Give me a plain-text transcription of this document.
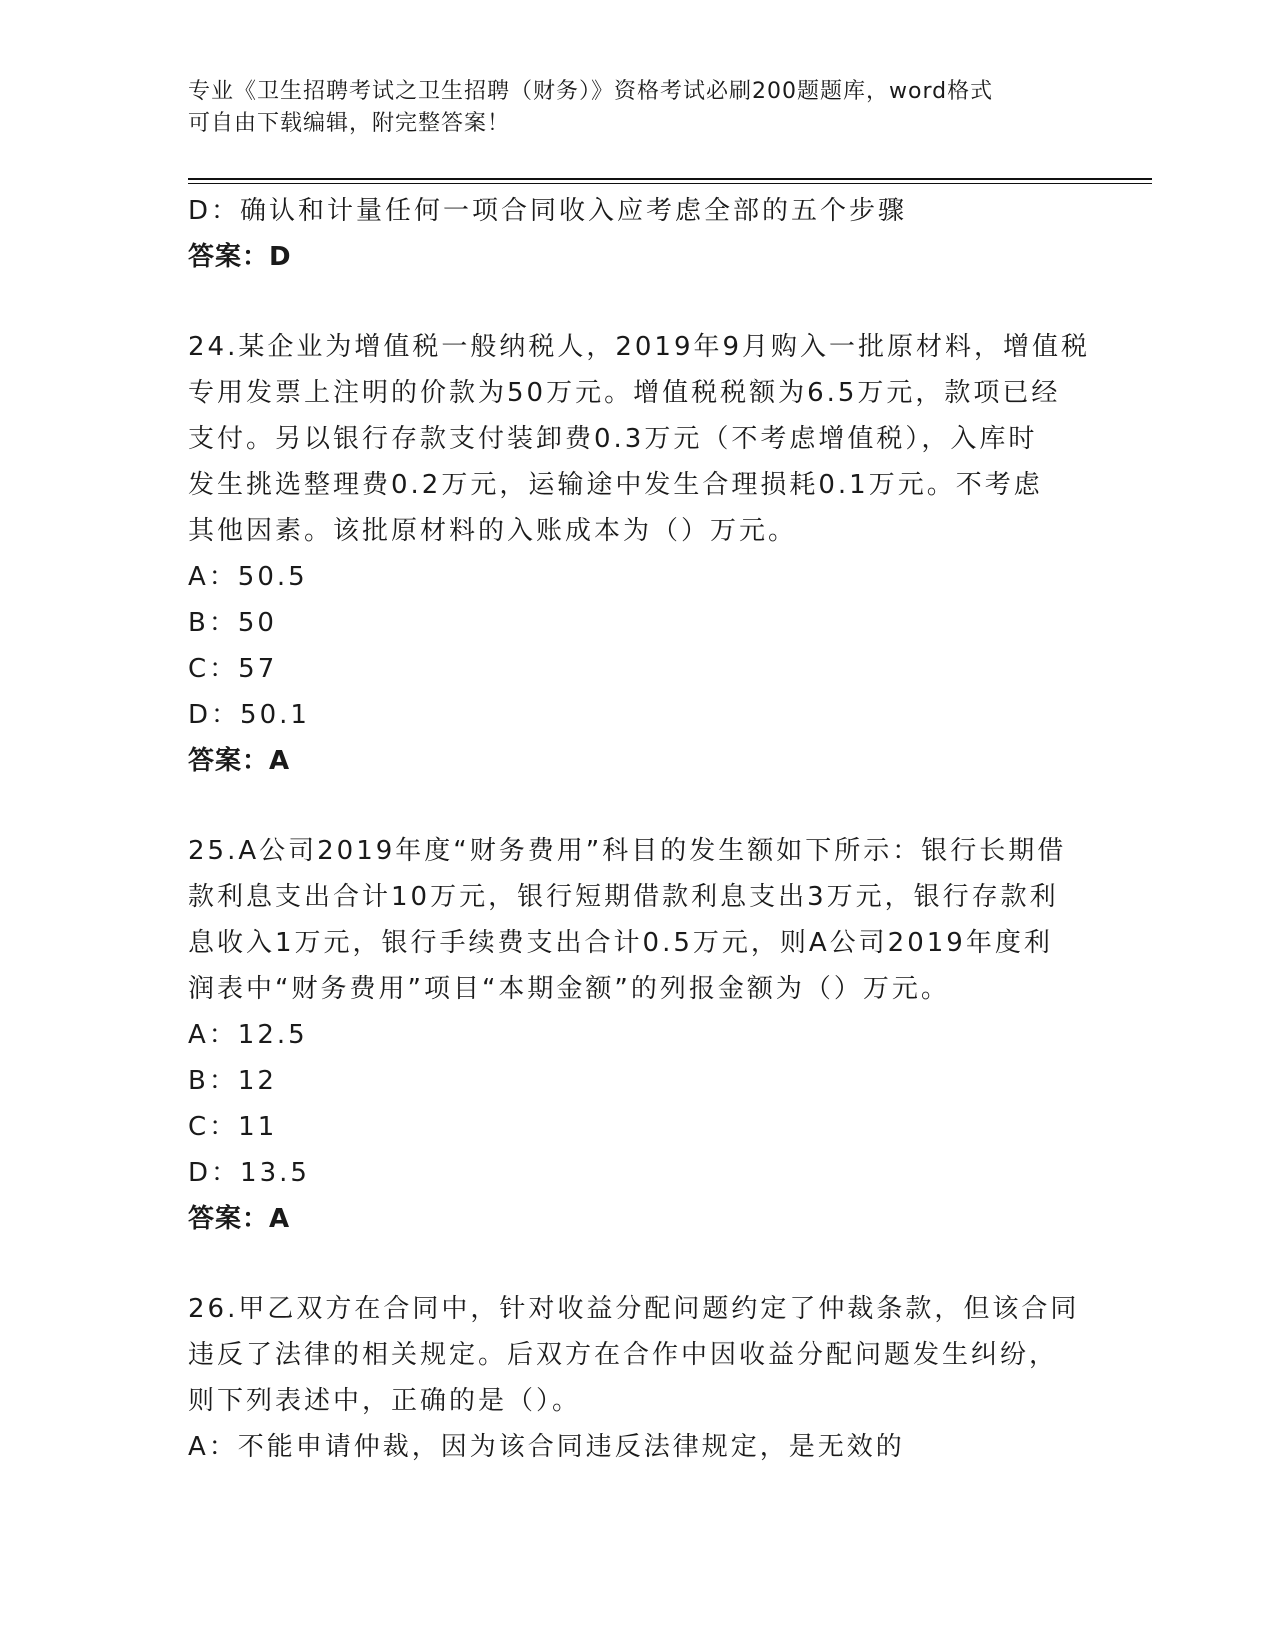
专业《卫生招聘考试之卫生招聘（财务）》资格考试必刷200题题库，word格式
可自由下载编辑，附完整答案！
D：确认和计量任何一项合同收入应考虑全部的五个步骤
答案：D
24.某企业为增值税一般纳税人，2019年9月购入一批原材料，增值税
专用发票上注明的价款为50万元。增值税税额为6.5万元，款项已经
支付。另以银行存款支付装卸费0.3万元（不考虑增值税），入库时
发生挑选整理费0.2万元，运输途中发生合理损耗0.1万元。不考虑
其他因素。该批原材料的入账成本为（）万元。
A：50.5
B：50
C：57
D：50.1
答案：A
25.A公司2019年度“财务费用”科目的发生额如下所示：银行长期借
款利息支出合计10万元，银行短期借款利息支出3万元，银行存款利
息收入1万元，银行手续费支出合计0.5万元，则A公司2019年度利
润表中“财务费用”项目“本期金额”的列报金额为（）万元。
A：12.5
B：12
C：11
D：13.5
答案：A
26.甲乙双方在合同中，针对收益分配问题约定了仲裁条款，但该合同
违反了法律的相关规定。后双方在合作中因收益分配问题发生纠纷，
则下列表述中，正确的是（）。
A：不能申请仲裁，因为该合同违反法律规定，是无效的
